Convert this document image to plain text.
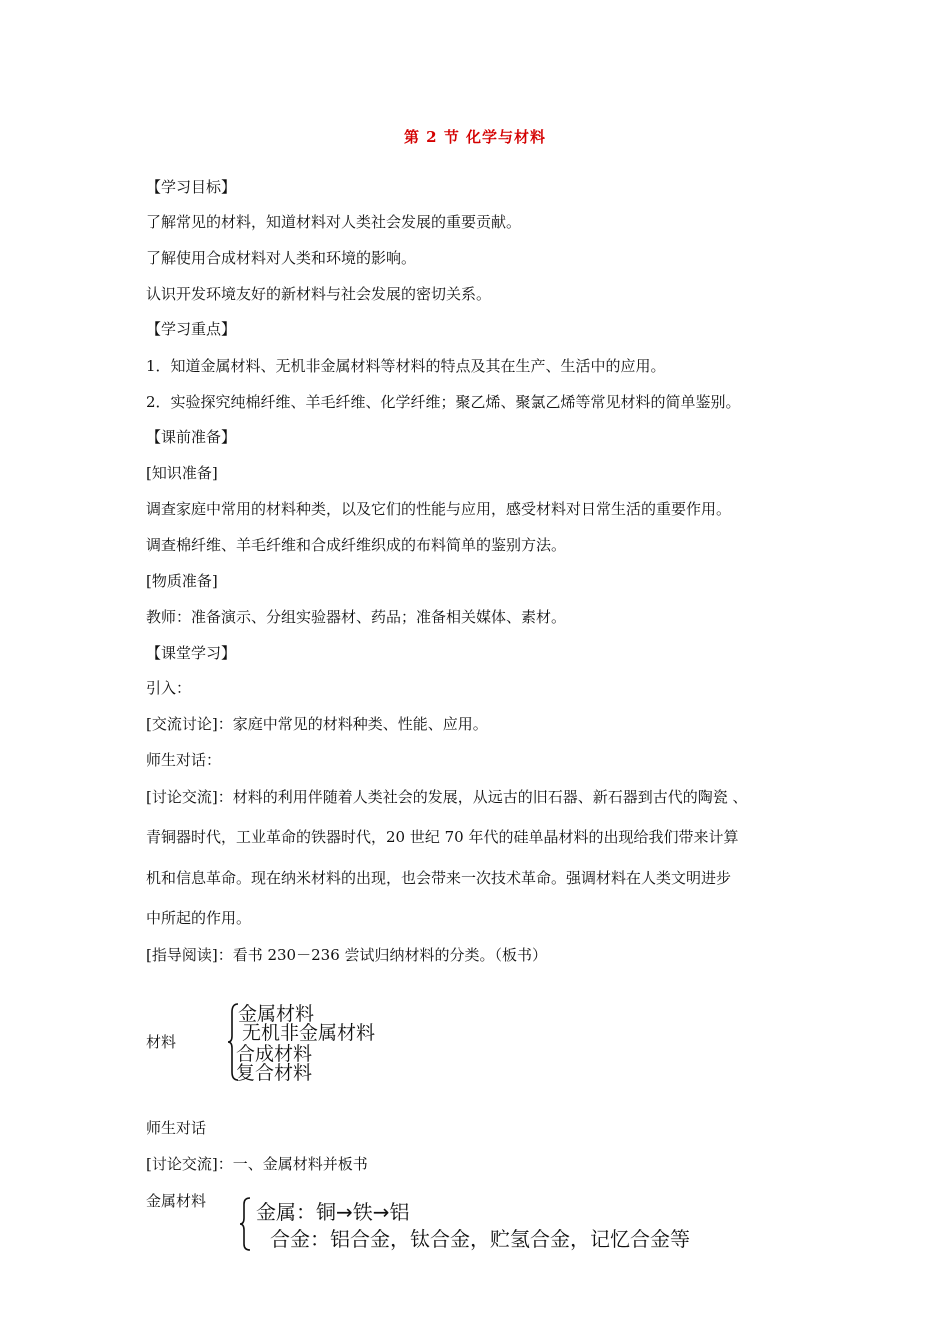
第 2 节 化学与材料
【学习目标】
了解常见的材料，知道材料对人类社会发展的重要贡献。
了解使用合成材料对人类和环境的影响。
认识开发环境友好的新材料与社会发展的密切关系。
【学习重点】
1．知道金属材料、无机非金属材料等材料的特点及其在生产、生活中的应用。
2．实验探究纯棉纤维、羊毛纤维、化学纤维；聚乙烯、聚氯乙烯等常见材料的简单鉴别。
【课前准备】
[知识准备]
调查家庭中常用的材料种类，以及它们的性能与应用，感受材料对日常生活的重要作用。
调查棉纤维、羊毛纤维和合成纤维织成的布料简单的鉴别方法。
[物质准备]
教师：准备演示、分组实验器材、药品；准备相关媒体、素材。
【课堂学习】
引入：
[交流讨论]：家庭中常见的材料种类、性能、应用。
师生对话：
[讨论交流]：材料的利用伴随着人类社会的发展，从远古的旧石器、新石器到古代的陶瓷 、
青铜器时代，工业革命的铁器时代，20 世纪 70 年代的硅单晶材料的出现给我们带来计算
机和信息革命。现在纳米材料的出现，也会带来一次技术革命。强调材料在人类文明进步
中所起的作用。
[指导阅读]：看书 230－236 尝试归纳材料的分类。（板书）
材料
金属材料
无机非金属材料
合成材料
复合材料
师生对话
[讨论交流]：一、金属材料并板书
金属材料 金属：铜→铁→铝
合金：铝合金，钛合金，贮氢合金，记忆合金等
